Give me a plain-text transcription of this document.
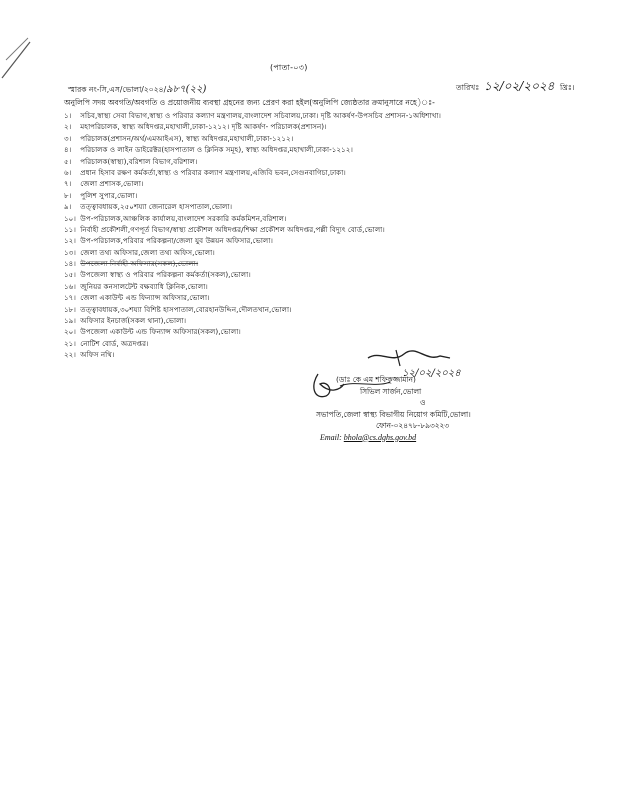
(পাতা-০৩)
স্মারক নং-সি,এস/ভোলা/২০২৪/৯৮৭(২২)	তারিখঃ ১২/০২/২০২৪ খ্রিঃ।
অনুলিপি সদয় অবগতি/অবগতি ও প্রয়োজনীয় ব্যবস্থা গ্রহনের জন্য প্রেরণ করা হইল(অনুলিপি জ্যেষ্ঠতার ক্রমানুসারে নহে)ঃ-
১। সচিব,স্বাস্থ্য সেবা বিভাগ,স্বাস্থ্য ও পরিবার কল্যাণ মন্ত্রণালয়,বাংলাদেশ সচিবালয়,ঢাকা। দৃষ্টি আকর্ষণ-উপসচিব প্রশাসন-১অধিশাখা।
২। মহাপরিচালক, স্বাস্থ্য অধিদপ্তর,মহাখালী,ঢাকা-১২১২। দৃষ্টি আকর্ষণ- পরিচালক(প্রশাসন)।
৩। পরিচালক(প্রশাসন/অর্থ/এমআইএস), স্বাস্থ্য অধিদপ্তর,মহাখালী,ঢাকা-১২১২।
৪। পরিচালক ও লাইন ডাইরেক্টর(হাসপাতাল ও ক্লিনিক সমূহ), স্বাস্থ্য অধিদপ্তর,মহাখালী,ঢাকা-১২১২।
৫। পরিচালক(স্বাস্থ্য),বরিশাল বিভাগ,বরিশাল।
৬। প্রধান হিসাব রক্ষণ কর্মকর্তা,স্বাস্থ্য ও পরিবার কল্যাণ মন্ত্রণালয়,এজিবি ভবন,সেগুনবাগিচা,ঢাকা।
৭। জেলা প্রশাসক,ভোলা।
৮। পুলিশ সুপার,ভোলা।
৯। তত্ত্বাবধায়ক,২৫০শয্যা জেনারেল হাসপাতাল,ভোলা।
১০। উপ-পরিচালক,আঞ্চলিক কার্যালয়,বাংলাদেশ সরকারি কর্মকমিশন,বরিশাল।
১১। নির্বাহী প্রকৌশলী,গণপূর্ত বিভাগ/স্বাস্থ্য প্রকৌশল অধিদপ্তর/শিক্ষা প্রকৌশল অধিদপ্তর,পল্লী বিদ্যুৎ বোর্ড,ভোলা।
১২। উপ-পরিচালক,পরিবার পরিকল্পনা/জেলা যুব উন্নয়ন অফিসার,ভোলা।
১৩। জেলা তথ্য অফিসার,জেলা তথ্য অফিস,ভোলা।
১৪। উপজেলা নির্বাহী অফিসার(সকল),ভোলা।
১৫। উপজেলা স্বাস্থ্য ও পরিবার পরিকল্পনা কর্মকর্তা(সকল),ভোলা।
১৬। জুনিয়র কনসালটেন্ট বক্ষব্যাধি ক্লিনিক,ভোলা।
১৭। জেলা একাউন্ট এন্ড ফিন্যান্স অফিসার,ভোলা।
১৮। তত্ত্বাবধায়ক,৩০শয্যা বিশিষ্ট হাসপাতাল,বোরহানউদ্দিন,দৌলতখান,ভোলা।
১৯। অফিসার ইনচার্জ(সকল থানা),ভোলা।
২০। উপজেলা একাউন্ট এন্ড ফিন্যান্স অফিসার(সকল),ভোলা।
২১। নোটিশ বোর্ড, অত্রদপ্তর।
২২। অফিস নথি।
১২/০২/২০২৪
(ডাঃ কে এম শফিকুজ্জামান)
সিভিল সার্জন,ভোলা
ও
সভাপতি,জেলা স্বাস্থ্য বিভাগীয় নিয়োগ কমিটি,ভোলা।
ফোন-০২৪৭৮-৮৯৩২২৩
Email: bhola@cs.dghs.gov.bd
